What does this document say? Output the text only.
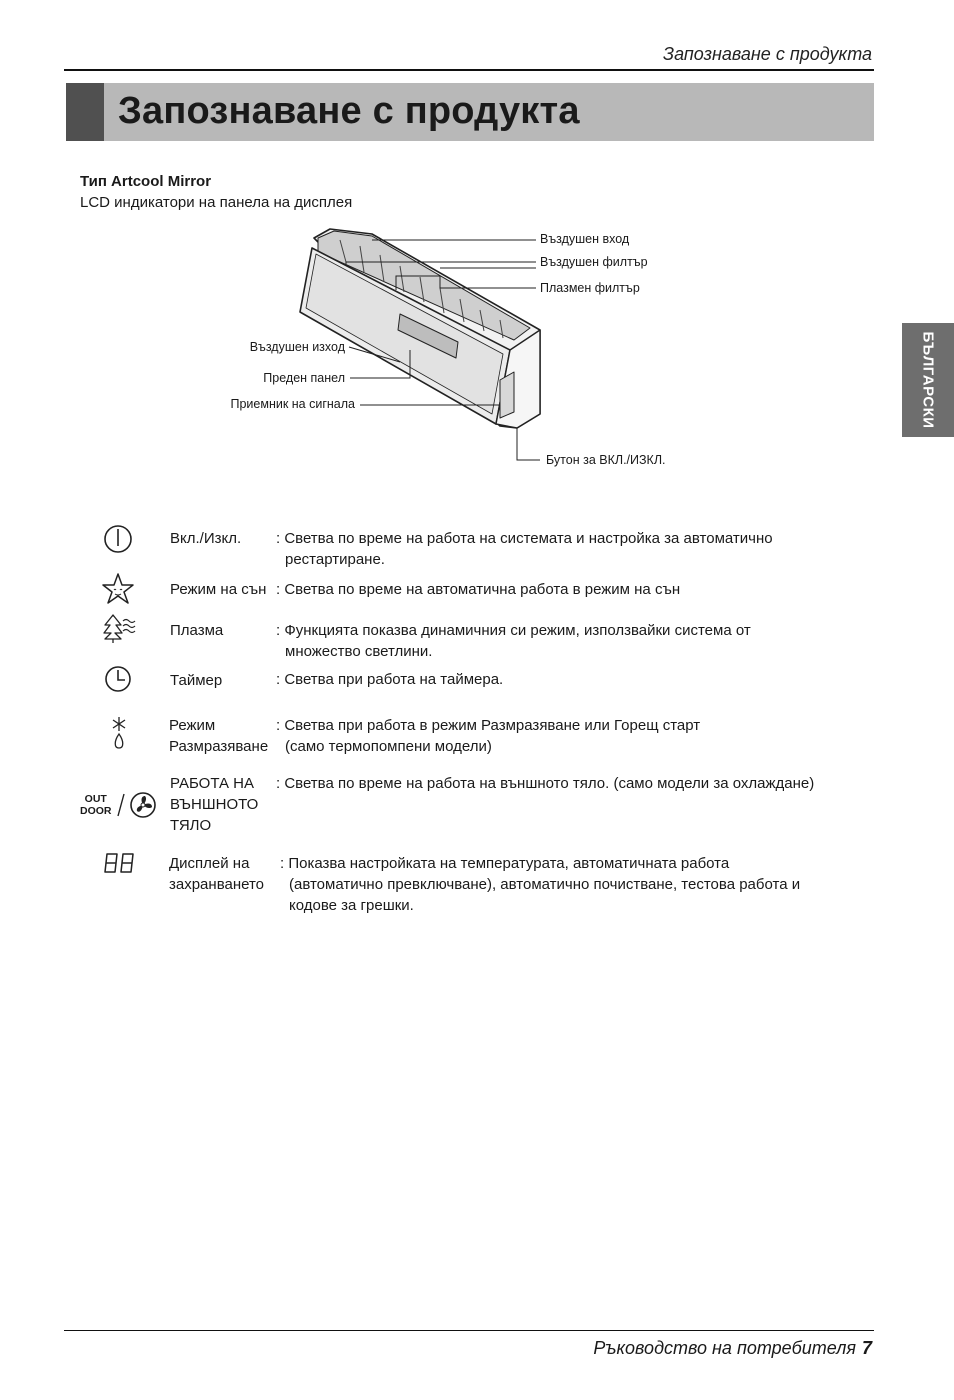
Запознаване с продукта
Запознаване с продукта
БЪЛГАРСКИ
Тип Artcool Mirror
LCD индикатори на панела на дисплея
Въздушен вход
Въздушен филтър
Плазмен филтър
Въздушен изход
Преден панел
Приемник на сигнала
Бутон за ВКЛ./ИЗКЛ.
Вкл./Изкл. : Светва по време на работа на системата и настройка за автоматично
рестартиране.
Режим на сън : Светва по време на автоматична работа в режим на сън
Плазма	: Функцията показва динамичния си режим, използвайки система от
множество светлини.
Таймер	: Светва при работа на таймера.
Режим
Размразяване
: Светва при работа в режим Размразяване или Горещ старт
(само термопомпени модели)
OUT
DOOR
РАБОТА НА
ВЪНШНОТО
ТЯЛО
: Светва по време на работа на външното тяло. (само модели за охлаждане)
88
Дисплей на
захранването
: Показва настройката на температурата, автоматичната работа
(автоматично превключване), автоматично почистване, тестова работа и
кодове за грешки.
Ръководство на потребителя 7
